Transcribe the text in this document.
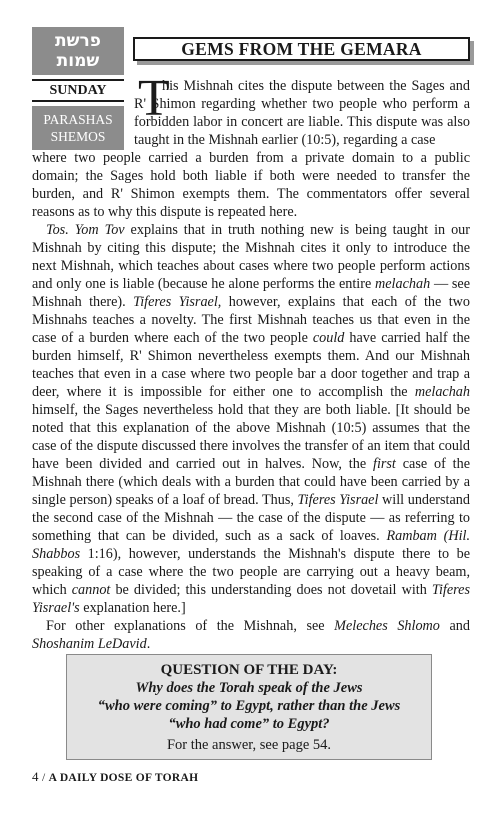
פרשת
שמות
SUNDAY
PARASHAS
SHEMOS
GEMS FROM THE GEMARA
T
his Mishnah cites the dispute between the Sages and R' Shimon regarding whether two people who perform a forbidden labor in concert are liable. This dispute was also taught in the Mishnah earlier (10:5), regarding a case

where two people carried a burden from a private domain to a public domain; the Sages hold both liable if both were needed to transfer the burden, and R' Shimon exempts them. The commentators offer several reasons as to why this dispute is repeated here.

Tos. Yom Tov explains that in truth nothing new is being taught in our Mishnah by citing this dispute; the Mishnah cites it only to introduce the next Mishnah, which teaches about cases where two people perform actions and only one is liable (because he alone performs the entire melachah — see Mishnah there). Tiferes Yisrael, however, explains that each of the two Mishnahs teaches a novelty. The first Mishnah teaches us that even in the case of a burden where each of the two people could have carried half the burden himself, R' Shimon nevertheless exempts them. And our Mishnah teaches that even in a case where two people bar a door together and trap a deer, where it is impossible for either one to accomplish the melachah himself, the Sages nevertheless hold that they are both liable. [It should be noted that this explanation of the above Mishnah (10:5) assumes that the case of the dispute discussed there involves the transfer of an item that could have been divided and carried out in halves. Now, the first case of the Mishnah there (which deals with a burden that could have been carried by a single person) speaks of a loaf of bread. Thus, Tiferes Yisrael will understand the second case of the Mishnah — the case of the dispute — as referring to something that can be divided, such as a sack of loaves. Rambam (Hil. Shabbos 1:16), however, understands the Mishnah's dispute there to be speaking of a case where the two people are carrying out a heavy beam, which cannot be divided; this understanding does not dovetail with Tiferes Yisrael's explanation here.]

For other explanations of the Mishnah, see Meleches Shlomo and Shoshanim LeDavid.

QUESTION OF THE DAY:
Why does the Torah speak of the Jews
“who were coming” to Egypt, rather than the Jews
“who had come” to Egypt?
For the answer, see page 54.
4 / A DAILY DOSE OF TORAH
